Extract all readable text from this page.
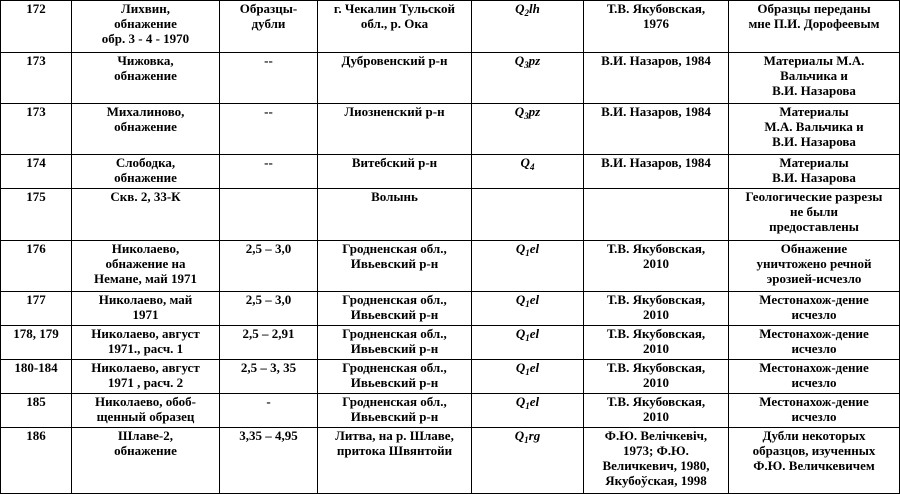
172	Лихвин,
обнажение
обр. 3 - 4 - 1970	Образцы-
дубли	г. Чекалин Тульской
обл., р. Ока	$Q_2lh$	Т.В. Якубовская,
1976	Образцы переданы
мне П.И. Дорофеевым
173	Чижовка,
обнажение	--	Дубровенский р-н	$Q_3pz$	В.И. Назаров, 1984	Материалы М.А.
Вальчика и
В.И. Назарова
173	Михалиново,
обнажение	--	Лиозненский р-н	$Q_3pz$	В.И. Назаров, 1984	Материалы
М.А. Вальчика и
В.И. Назарова
174	Слободка,
обнажение	--	Витебский р-н	$Q_4$	В.И. Назаров, 1984	Материалы
В.И. Назарова
175	Скв. 2, 33-К		Волынь			Геологические разрезы
не были
предоставлены
176	Николаево,
обнажение на
Немане, май 1971	2,5 – 3,0	Гродненская обл.,
Ивьевский р-н	$Q_1el$	Т.В. Якубовская,
2010	Обнажение
уничтожено речной
эрозией-исчезло
177	Николаево, май
1971	2,5 – 3,0	Гродненская обл.,
Ивьевский р-н	$Q_1el$	Т.В. Якубовская,
2010	Местонахож-дение
исчезло
178, 179	Николаево, август
1971., расч. 1	2,5 – 2,91	Гродненская обл.,
Ивьевский р-н	$Q_1el$	Т.В. Якубовская,
2010	Местонахож-дение
исчезло
180-184	Николаево, август
1971 , расч. 2	2,5 – 3, 35	Гродненская обл.,
Ивьевский р-н	$Q_1el$	Т.В. Якубовская,
2010	Местонахож-дение
исчезло
185	Николаево, обоб-
щенный образец	-	Гродненская обл.,
Ивьевский р-н	$Q_1el$	Т.В. Якубовская,
2010	Местонахож-дение
исчезло
186	Шлаве-2,
обнажение	3,35 – 4,95	Литва, на р. Шлаве,
притока Швянтойи	$Q_1rg$	Ф.Ю. Велічкевіч,
1973; Ф.Ю.
Величкевич, 1980,
Якубоўская, 1998	Дубли некоторых
образцов, изученных
Ф.Ю. Величкевичем
